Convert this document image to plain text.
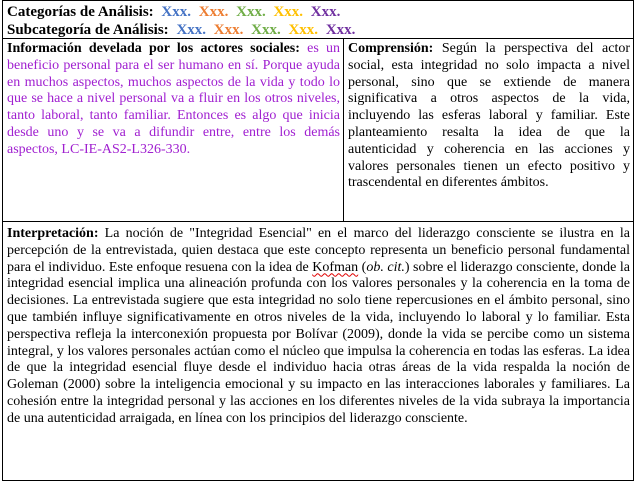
Categorías de Análisis: Xxx. Xxx. Xxx. Xxx. Xxx.
Subcategoría de Análisis: Xxx. Xxx. Xxx. Xxx. Xxx.

Información develada por los actores sociales: es un beneficio personal para el ser humano en sí. Porque ayuda en muchos aspectos, muchos aspectos de la vida y todo lo que se hace a nivel personal va a fluir en los otros niveles, tanto laboral, tanto familiar. Entonces es algo que inicia desde uno y se va a difundir entre, entre los demás aspectos, LC-IE-AS2-L326-330.

Comprensión: Según la perspectiva del actor social, esta integridad no solo impacta a nivel personal, sino que se extiende de manera significativa a otros aspectos de la vida, incluyendo las esferas laboral y familiar. Este planteamiento resalta la idea de que la autenticidad y coherencia en las acciones y valores personales tienen un efecto positivo y trascendental en diferentes ámbitos.

Interpretación: La noción de "Integridad Esencial" en el marco del liderazgo consciente se ilustra en la percepción de la entrevistada, quien destaca que este concepto representa un beneficio personal fundamental para el individuo. Este enfoque resuena con la idea de Kofman (ob. cit.) sobre el liderazgo consciente, donde la integridad esencial implica una alineación profunda con los valores personales y la coherencia en la toma de decisiones. La entrevistada sugiere que esta integridad no solo tiene repercusiones en el ámbito personal, sino que también influye significativamente en otros niveles de la vida, incluyendo lo laboral y lo familiar. Esta perspectiva refleja la interconexión propuesta por Bolívar (2009), donde la vida se percibe como un sistema integral, y los valores personales actúan como el núcleo que impulsa la coherencia en todas las esferas. La idea de que la integridad esencial fluye desde el individuo hacia otras áreas de la vida respalda la noción de Goleman (2000) sobre la inteligencia emocional y su impacto en las interacciones laborales y familiares. La cohesión entre la integridad personal y las acciones en los diferentes niveles de la vida subraya la importancia de una autenticidad arraigada, en línea con los principios del liderazgo consciente.
